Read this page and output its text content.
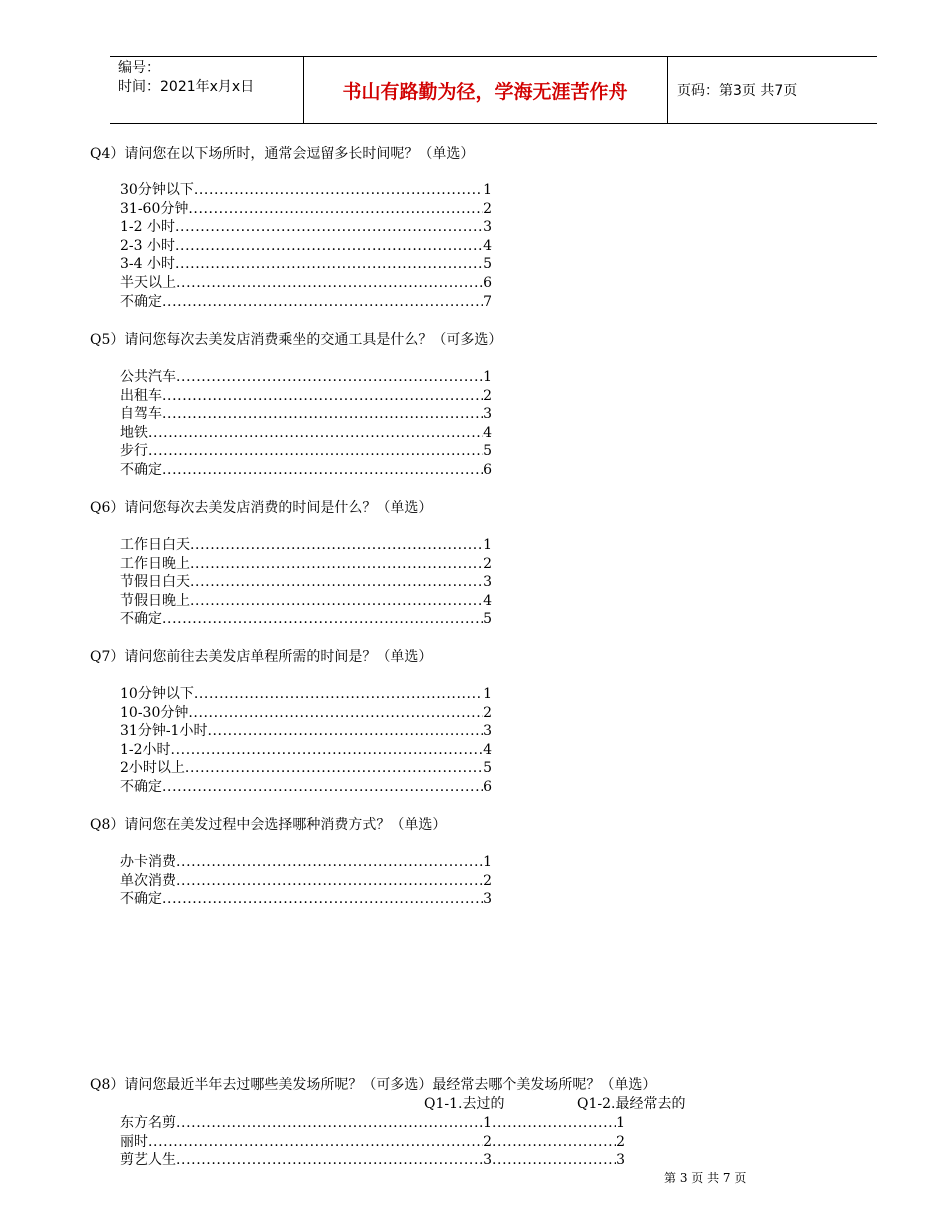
编号：
时间：2021年x月x日	书山有路勤为径，学海无涯苦作舟	页码：第3页 共7页
Q4）请问您在以下场所时，通常会逗留多长时间呢？（单选）
30分钟以下 .....	1
31-60分钟 .....	2
1-2 小时 .....	3
2-3 小时 .....	4
3-4 小时 .....	5
半天以上 .....	6
不确定 .....	7
Q5）请问您每次去美发店消费乘坐的交通工具是什么？（可多选）
公共汽车 .....	1
出租车 .....	2
自驾车 .....	3
地铁 .....	4
步行 .....	5
不确定 .....	6
Q6）请问您每次去美发店消费的时间是什么？（单选）
工作日白天 .....	1
工作日晚上 .....	2
节假日白天 .....	3
节假日晚上 .....	4
不确定 .....	5
Q7）请问您前往去美发店单程所需的时间是？（单选）
10分钟以下 .....	1
10-30分钟 .....	2
31分钟-1小时 .....	3
1-2小时 .....	4
2小时以上 .....	5
不确定 .....	6
Q8）请问您在美发过程中会选择哪种消费方式？（单选）
办卡消费 .....	1
单次消费 .....	2
不确定 .....	3
Q8）请问您最近半年去过哪些美发场所呢？（可多选）最经常去哪个美发场所呢？（单选）
Q1-1.去过的	Q1-2.最经常去的
东方名剪 .....	1 .....	1
丽时 .....	2 .....	2
剪艺人生 .....	3 .....	3
第 3 页 共 7 页
